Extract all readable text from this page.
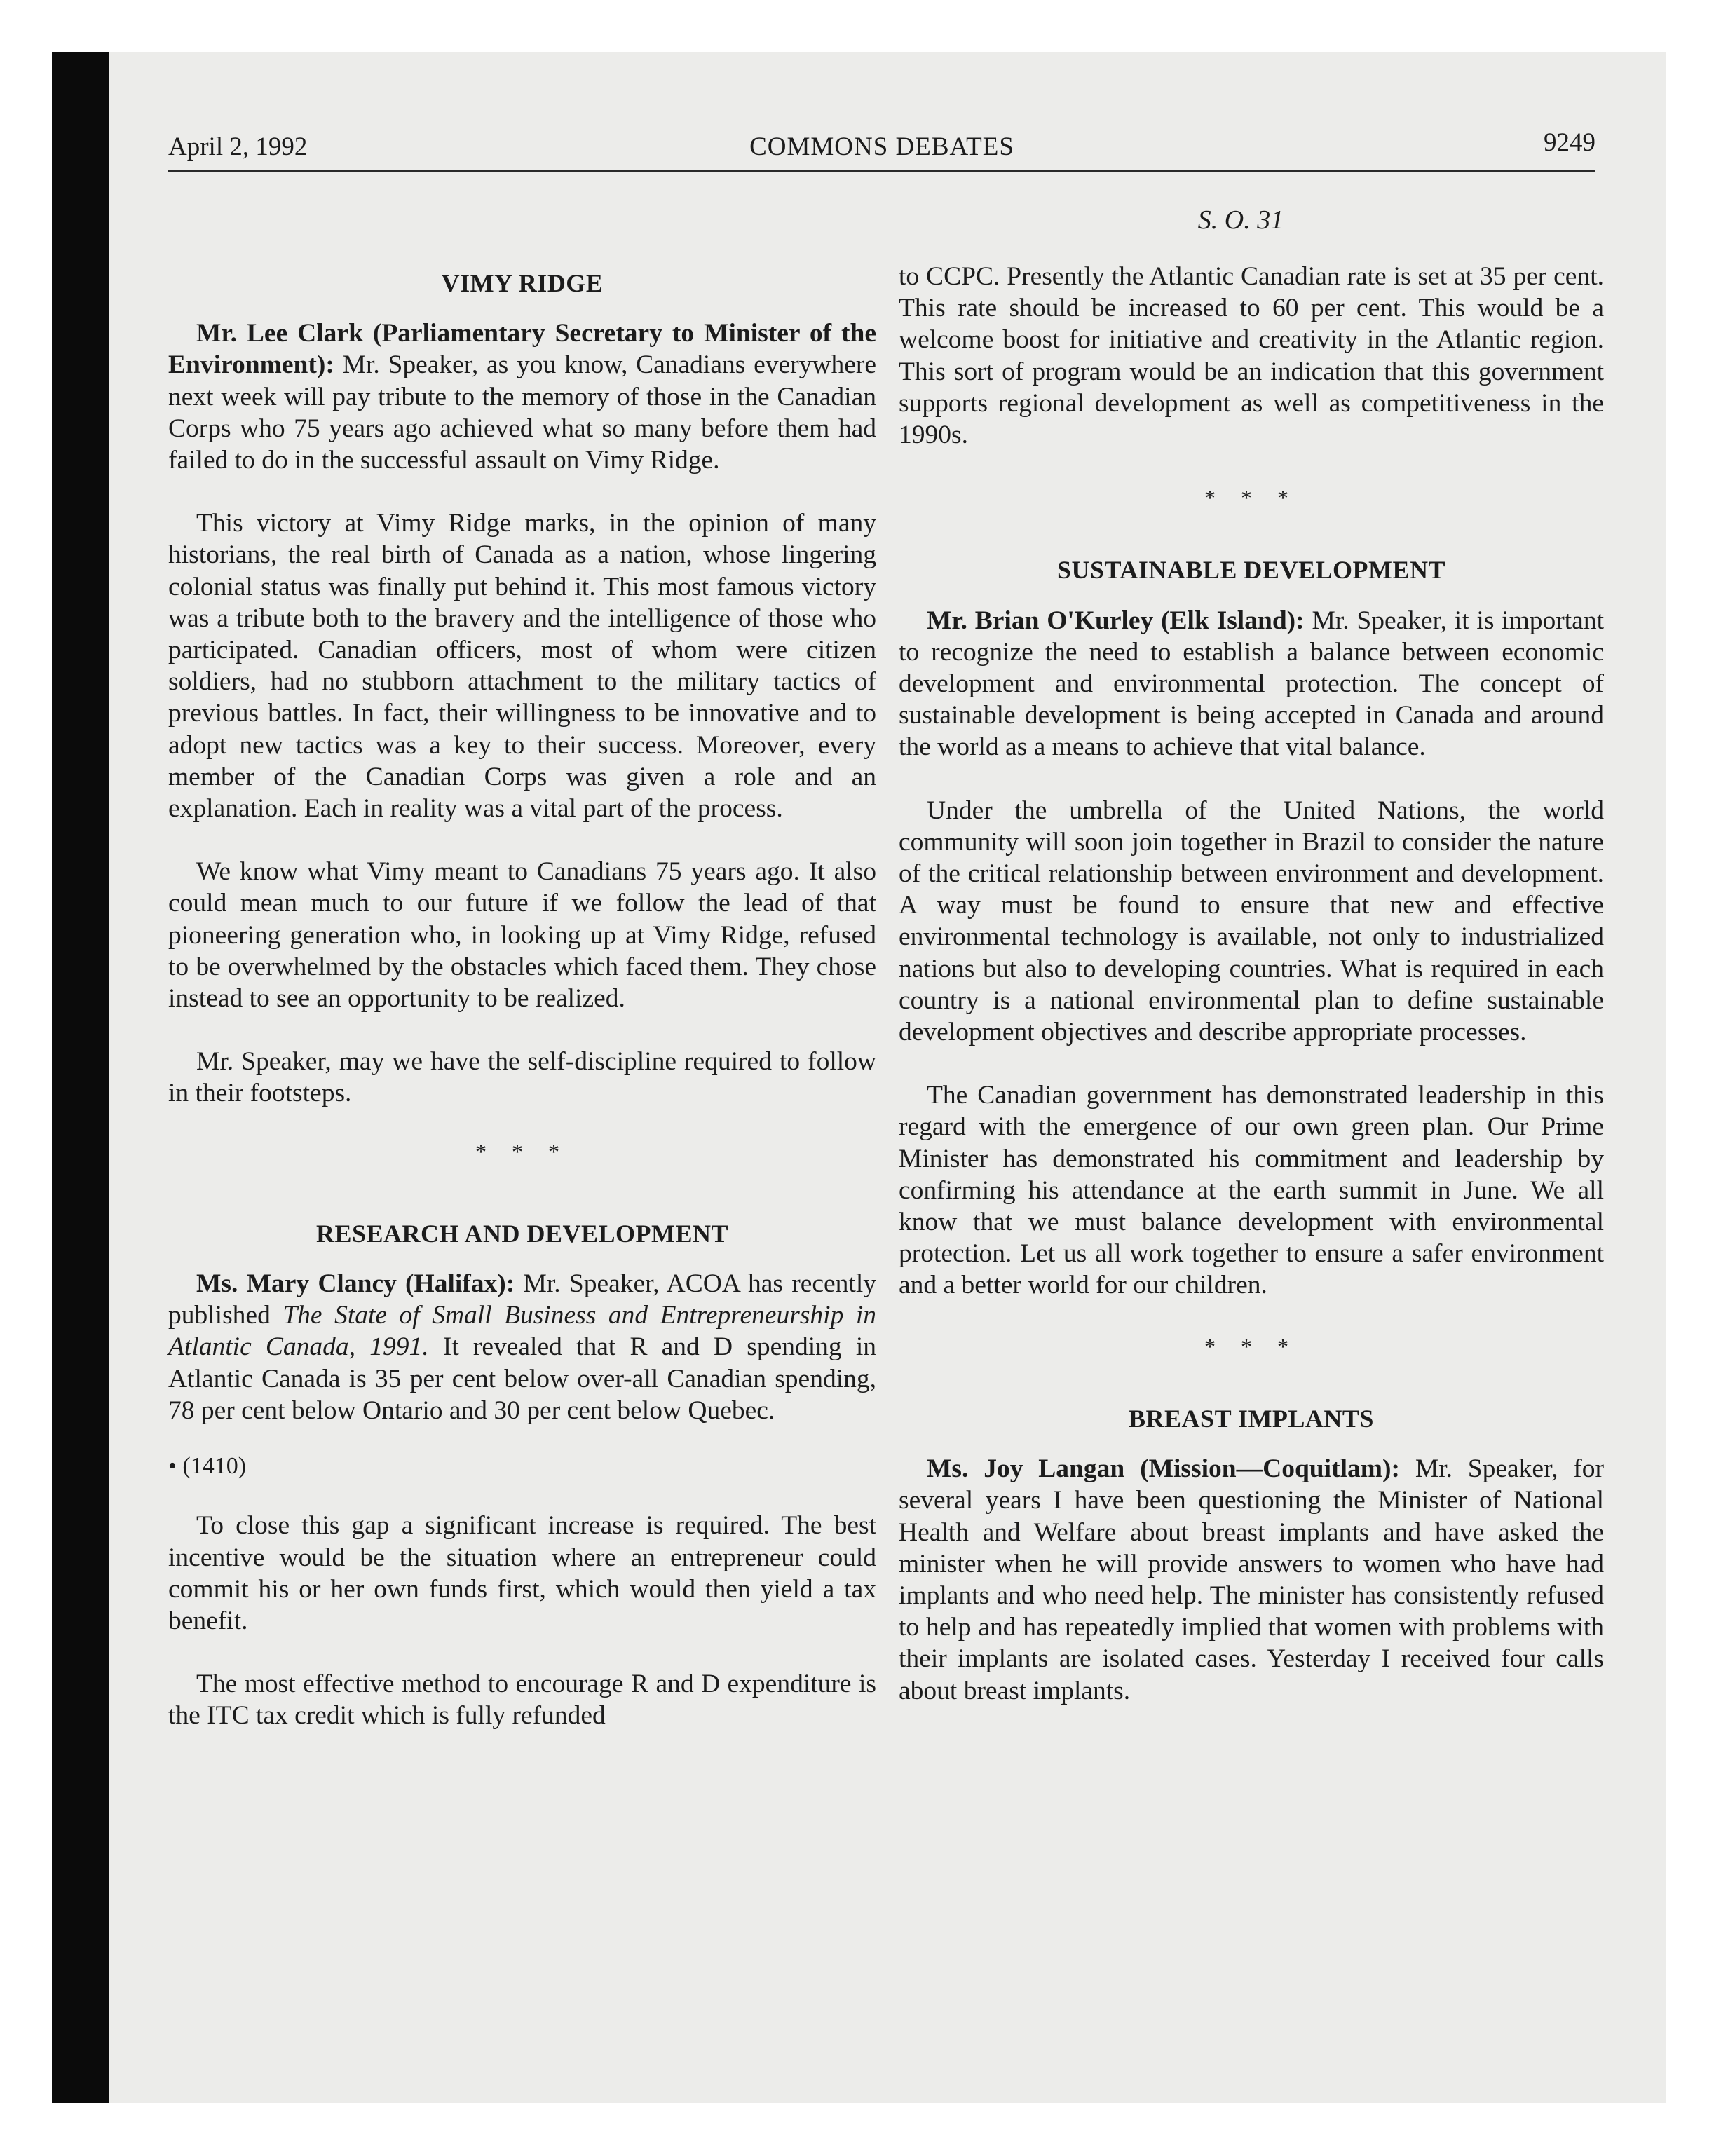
April 2, 1992	COMMONS DEBATES	9249
S. O. 31
VIMY RIDGE

Mr. Lee Clark (Parliamentary Secretary to Minister of the Environment): Mr. Speaker, as you know, Canadians everywhere next week will pay tribute to the memory of those in the Canadian Corps who 75 years ago achieved what so many before them had failed to do in the successful assault on Vimy Ridge.

This victory at Vimy Ridge marks, in the opinion of many historians, the real birth of Canada as a nation, whose lingering colonial status was finally put behind it. This most famous victory was a tribute both to the bravery and the intelligence of those who participated. Canadian officers, most of whom were citizen soldiers, had no stubborn attachment to the military tactics of previous battles. In fact, their willingness to be innovative and to adopt new tactics was a key to their success. Moreover, every member of the Canadian Corps was given a role and an explanation. Each in reality was a vital part of the process.

We know what Vimy meant to Canadians 75 years ago. It also could mean much to our future if we follow the lead of that pioneering generation who, in looking up at Vimy Ridge, refused to be overwhelmed by the obstacles which faced them. They chose instead to see an opportunity to be realized.

Mr. Speaker, may we have the self-discipline required to follow in their footsteps.

* * *
RESEARCH AND DEVELOPMENT

Ms. Mary Clancy (Halifax): Mr. Speaker, ACOA has recently published The State of Small Business and Entrepreneurship in Atlantic Canada, 1991. It revealed that R and D spending in Atlantic Canada is 35 per cent below over-all Canadian spending, 78 per cent below Ontario and 30 per cent below Quebec.

• (1410)

To close this gap a significant increase is required. The best incentive would be the situation where an entrepreneur could commit his or her own funds first, which would then yield a tax benefit.

The most effective method to encourage R and D expenditure is the ITC tax credit which is fully refunded

to CCPC. Presently the Atlantic Canadian rate is set at 35 per cent. This rate should be increased to 60 per cent. This would be a welcome boost for initiative and creativity in the Atlantic region. This sort of program would be an indication that this government supports regional development as well as competitiveness in the 1990s.

* * *
SUSTAINABLE DEVELOPMENT

Mr. Brian O'Kurley (Elk Island): Mr. Speaker, it is important to recognize the need to establish a balance between economic development and environmental protection. The concept of sustainable development is being accepted in Canada and around the world as a means to achieve that vital balance.

Under the umbrella of the United Nations, the world community will soon join together in Brazil to consider the nature of the critical relationship between environment and development. A way must be found to ensure that new and effective environmental technology is available, not only to industrialized nations but also to developing countries. What is required in each country is a national environmental plan to define sustainable development objectives and describe appropriate processes.

The Canadian government has demonstrated leadership in this regard with the emergence of our own green plan. Our Prime Minister has demonstrated his commitment and leadership by confirming his attendance at the earth summit in June. We all know that we must balance development with environmental protection. Let us all work together to ensure a safer environment and a better world for our children.

* * *
BREAST IMPLANTS

Ms. Joy Langan (Mission—Coquitlam): Mr. Speaker, for several years I have been questioning the Minister of National Health and Welfare about breast implants and have asked the minister when he will provide answers to women who have had implants and who need help. The minister has consistently refused to help and has repeatedly implied that women with problems with their implants are isolated cases. Yesterday I received four calls about breast implants.
